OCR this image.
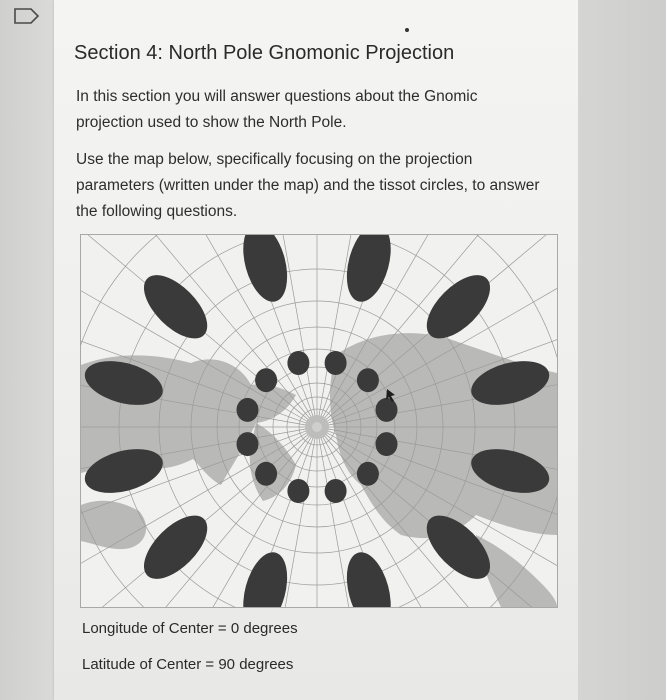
Section 4: North Pole Gnomonic Projection
In this section you will answer questions about the Gnomic projection used to show the North Pole.
Use the map below, specifically focusing on the projection parameters (written under the map) and the tissot circles, to answer the following questions.
Longitude of Center = 0 degrees
Latitude of Center = 90 degrees
